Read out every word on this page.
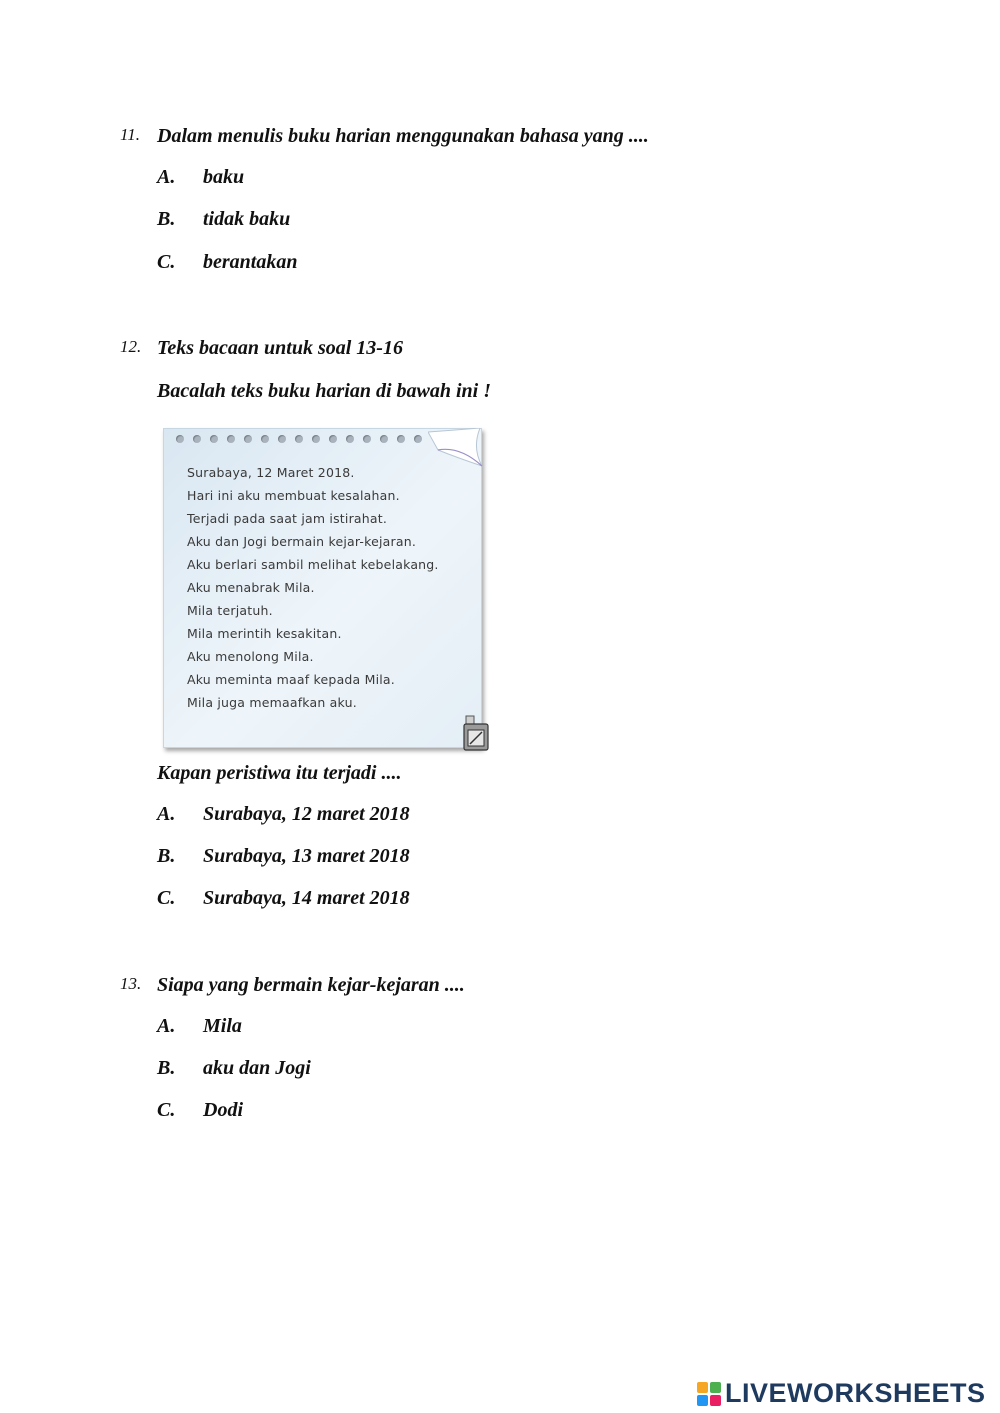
11. Dalam menulis buku harian menggunakan bahasa yang ....
A. baku
B. tidak baku
C. berantakan
12. Teks bacaan untuk soal 13-16
Bacalah teks buku harian di bawah ini !
Surabaya, 12 Maret 2018.
Hari ini aku membuat kesalahan.
Terjadi pada saat jam istirahat.
Aku dan Jogi bermain kejar-kejaran.
Aku berlari sambil melihat kebelakang.
Aku menabrak Mila.
Mila terjatuh.
Mila merintih kesakitan.
Aku menolong Mila.
Aku meminta maaf kepada Mila.
Mila juga memaafkan aku.
Kapan peristiwa itu terjadi ....
A. Surabaya, 12 maret 2018
B. Surabaya, 13 maret 2018
C. Surabaya, 14 maret 2018
13. Siapa yang bermain kejar-kejaran ....
A. Mila
B. aku dan Jogi
C. Dodi
LIVEWORKSHEETS
